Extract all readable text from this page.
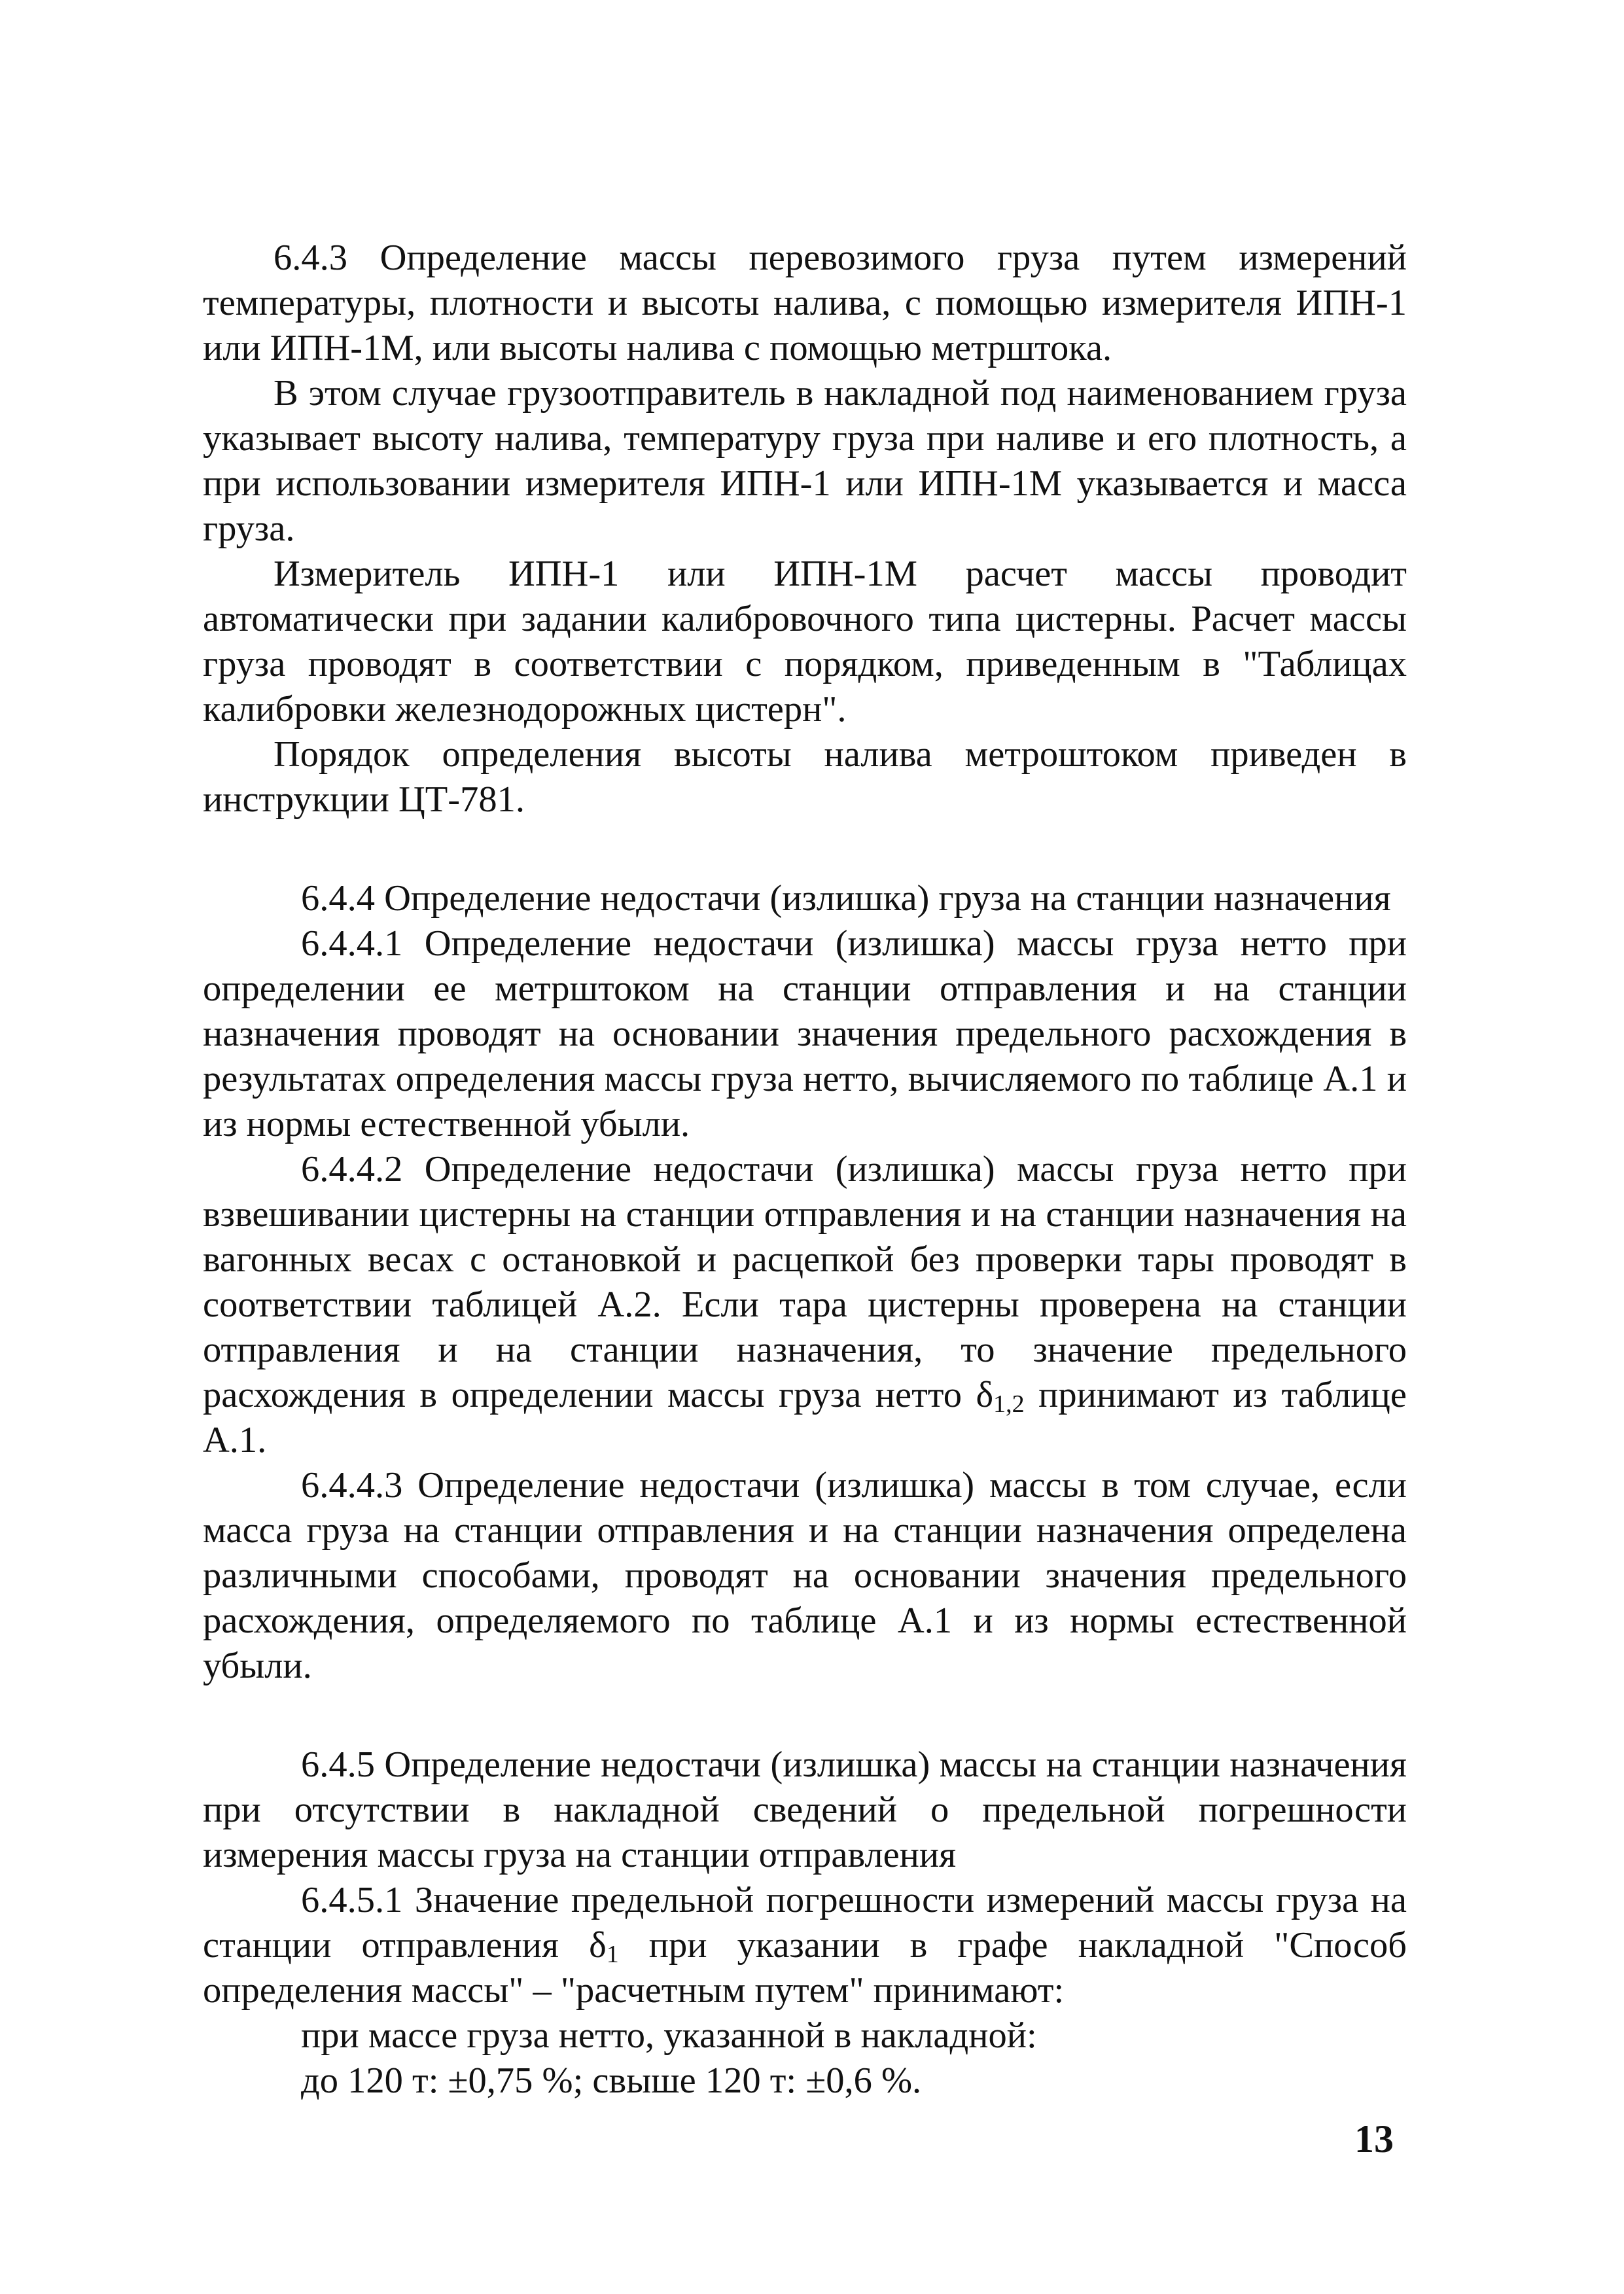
6.4.3 Определение массы перевозимого груза путем измерений температуры, плотности и высоты налива, с помощью измерителя ИПН-1 или ИПН-1М, или высоты налива с помощью метрштока.

В этом случае грузоотправитель в накладной под наименованием груза указывает высоту налива, температуру груза при наливе и его плотность, а при использовании измерителя ИПН-1 или ИПН-1М указывается и масса груза.

Измеритель ИПН-1 или ИПН-1М расчет массы проводит автоматически при задании калибровочного типа цистерны. Расчет массы груза проводят в соответствии с порядком, приведенным в "Таблицах калибровки железнодорожных цистерн".

Порядок определения высоты налива метроштоком приведен в инструкции ЦТ-781.

6.4.4 Определение недостачи (излишка) груза на станции назначения

6.4.4.1 Определение недостачи (излишка) массы груза нетто при определении ее метрштоком на станции отправления и на станции назначения проводят на основании значения предельного расхождения в результатах определения массы груза нетто, вычисляемого по таблице А.1 и из нормы естественной убыли.

6.4.4.2 Определение недостачи (излишка) массы груза нетто при взвешивании цистерны на станции отправления и на станции назначения на вагонных весах с остановкой и расцепкой без проверки тары проводят в соответствии таблицей А.2. Если тара цистерны проверена на станции отправления и на станции назначения, то значение предельного расхождения в определении массы груза нетто $\delta_{1,2}$ принимают из таблице А.1.

6.4.4.3 Определение недостачи (излишка) массы в том случае, если масса груза на станции отправления и на станции назначения определена различными способами, проводят на основании значения предельного расхождения, определяемого по таблице А.1 и из нормы естественной убыли.

6.4.5 Определение недостачи (излишка) массы на станции назначения при отсутствии в накладной сведений о предельной погрешности измерения массы груза на станции отправления

6.4.5.1 Значение предельной погрешности измерений массы груза на станции отправления $\delta_1$ при указании в графе накладной "Способ определения массы" – "расчетным путем" принимают:

при массе груза нетто, указанной в накладной:

до 120 т: ±0,75 %; свыше 120 т: ±0,6 %.

13
